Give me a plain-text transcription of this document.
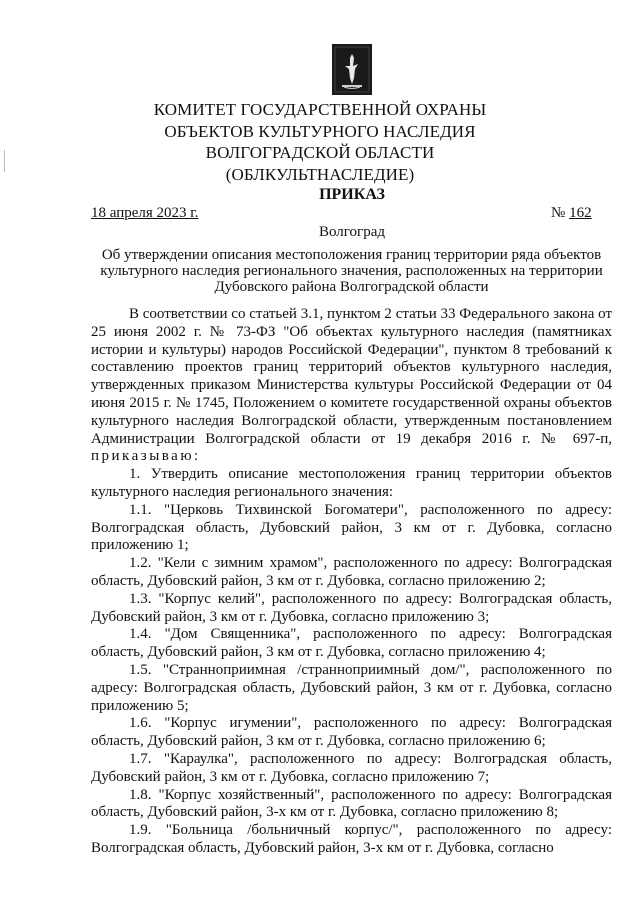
КОМИТЕТ ГОСУДАРСТВЕННОЙ ОХРАНЫ
ОБЪЕКТОВ КУЛЬТУРНОГО НАСЛЕДИЯ
ВОЛГОГРАДСКОЙ ОБЛАСТИ
(ОБЛКУЛЬТНАСЛЕДИЕ)
ПРИКАЗ
18 апреля 2023 г.	№ 162
Волгоград
Об утверждении описания местоположения границ территории ряда объектов культурного наследия регионального значения, расположенных на территории Дубовского района Волгоградской области

В соответствии со статьей 3.1, пунктом 2 статьи 33 Федерального закона от 25 июня 2002 г. № 73-ФЗ "Об объектах культурного наследия (памятниках истории и культуры) народов Российской Федерации", пунктом 8 требований к составлению проектов границ территорий объектов культурного наследия, утвержденных приказом Министерства культуры Российской Федерации от 04 июня 2015 г. № 1745, Положением о комитете государственной охраны объектов культурного наследия Волгоградской области, утвержденным постановлением Администрации Волгоградской области от 19 декабря 2016 г. № 697-п, приказываю:

1. Утвердить описание местоположения границ территории объектов культурного наследия регионального значения:

1.1. "Церковь Тихвинской Богоматери", расположенного по адресу: Волгоградская область, Дубовский район, 3 км от г. Дубовка, согласно приложению 1;

1.2. "Кели с зимним храмом", расположенного по адресу: Волгоградская область, Дубовский район, 3 км от г. Дубовка, согласно приложению 2;

1.3. "Корпус келий", расположенного по адресу: Волгоградская область, Дубовский район, 3 км от г. Дубовка, согласно приложению 3;

1.4. "Дом Священника", расположенного по адресу: Волгоградская область, Дубовский район, 3 км от г. Дубовка, согласно приложению 4;

1.5. "Странноприимная /странноприимный дом/", расположенного по адресу: Волгоградская область, Дубовский район, 3 км от г. Дубовка, согласно приложению 5;

1.6. "Корпус игумении", расположенного по адресу: Волгоградская область, Дубовский район, 3 км от г. Дубовка, согласно приложению 6;

1.7. "Караулка", расположенного по адресу: Волгоградская область, Дубовский район, 3 км от г. Дубовка, согласно приложению 7;

1.8. "Корпус хозяйственный", расположенного по адресу: Волгоградская область, Дубовский район, 3-х км от г. Дубовка, согласно приложению 8;

1.9. "Больница /больничный корпус/", расположенного по адресу: Волгоградская область, Дубовский район, 3-х км от г. Дубовка, согласно
